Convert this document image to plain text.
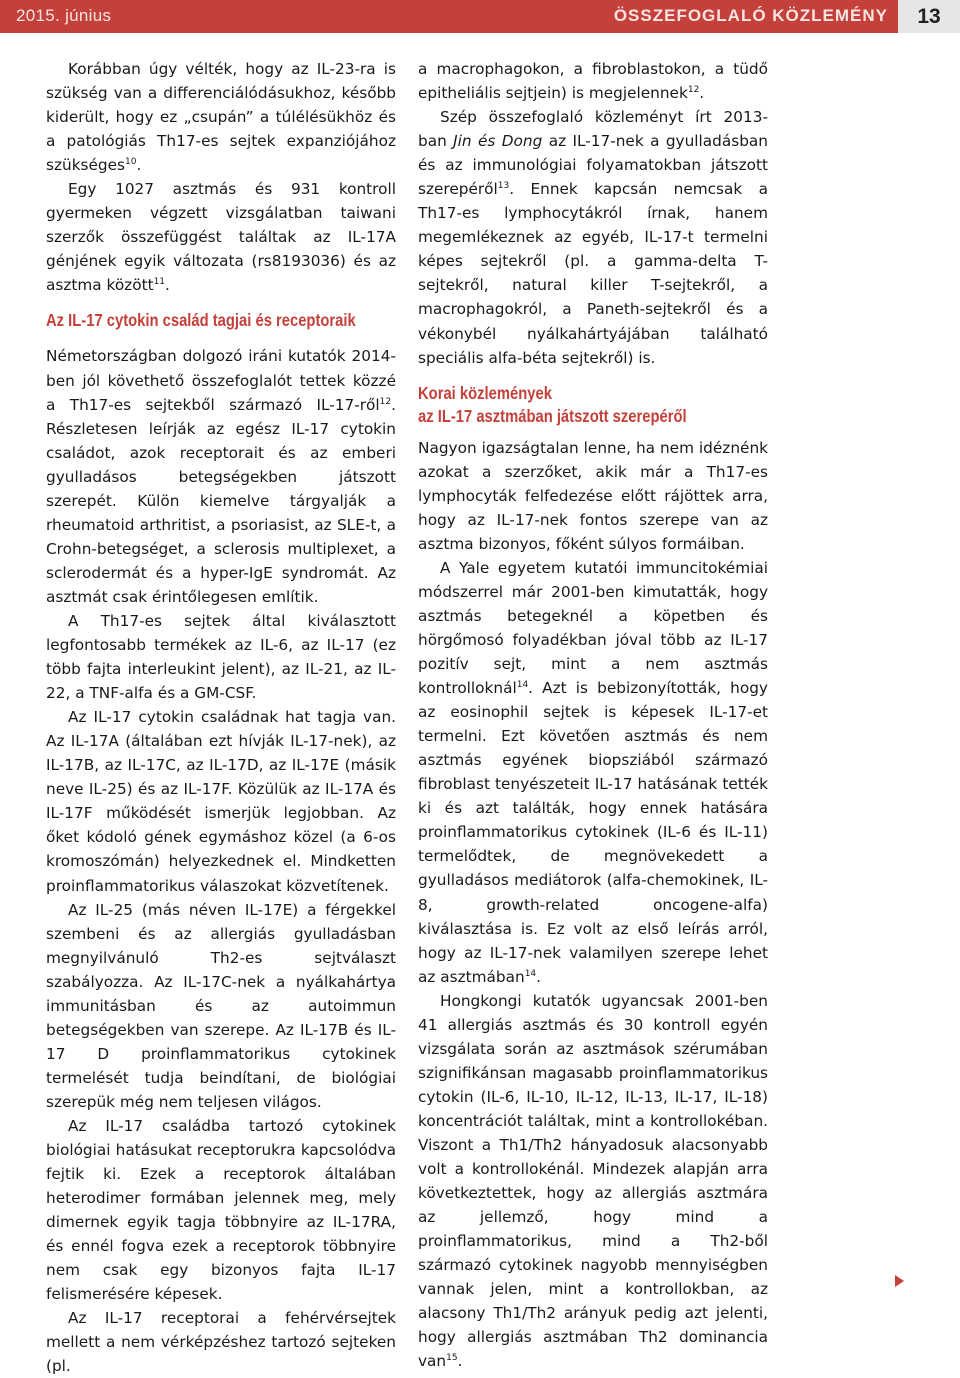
2015. június	ÖSSZEFOGLALÓ KÖZLEMÉNY	13

Korábban úgy vélték, hogy az IL-23-ra is szükség van a differenciálódásukhoz, később kiderült, hogy ez „csupán” a túlélésükhöz és a patológiás Th17-es sejtek expanziójához szükséges$^{10}$.

Egy 1027 asztmás és 931 kontroll gyermeken végzett vizsgálatban taiwani szerzők összefüggést találtak az IL-17A génjének egyik változata (rs8193036) és az asztma között$^{11}$.

Az IL-17 cytokin család tagjai és receptoraik

Németországban dolgozó iráni kutatók 2014-ben jól követhető összefoglalót tettek közzé a Th17-es sejtekből származó IL-17-ről$^{12}$. Részletesen leírják az egész IL-17 cytokin családot, azok receptorait és az emberi gyulladásos betegségekben játszott szerepét. Külön kiemelve tárgyalják a rheumatoid arthritist, a psoriasist, az SLE-t, a Crohn-betegséget, a sclerosis multiplexet, a sclerodermát és a hyper-IgE syndromát. Az asztmát csak érintőlegesen említik.

A Th17-es sejtek által kiválasztott legfontosabb termékek az IL-6, az IL-17 (ez több fajta interleukint jelent), az IL-21, az IL-22, a TNF-alfa és a GM-CSF.

Az IL-17 cytokin családnak hat tagja van. Az IL-17A (általában ezt hívják IL-17-nek), az IL-17B, az IL-17C, az IL-17D, az IL-17E (másik neve IL-25) és az IL-17F. Közülük az IL-17A és IL-17F működését ismerjük legjobban. Az őket kódoló gének egymáshoz közel (a 6-os kromoszómán) helyezkednek el. Mindketten proinflammatorikus válaszokat közvetítenek.

Az IL-25 (más néven IL-17E) a férgekkel szembeni és az allergiás gyulladásban megnyilvánuló Th2-es sejtválaszt szabályozza. Az IL-17C-nek a nyálkahártya immunitásban és az autoimmun betegségekben van szerepe. Az IL-17B és IL-17 D proinflammatorikus cytokinek termelését tudja beindítani, de biológiai szerepük még nem teljesen világos.

Az IL-17 családba tartozó cytokinek biológiai hatásukat receptorukra kapcsolódva fejtik ki. Ezek a receptorok általában heterodimer formában jelennek meg, mely dimernek egyik tagja többnyire az IL-17RA, és ennél fogva ezek a receptorok többnyire nem csak egy bizonyos fajta IL-17 felismerésére képesek.

Az IL-17 receptorai a fehérvérsejtek mellett a nem vérképzéshez tartozó sejteken (pl.

a macrophagokon, a fibroblastokon, a tüdő epitheliális sejtjein) is megjelennek$^{12}$.

Szép összefoglaló közleményt írt 2013-ban Jin és Dong az IL-17-nek a gyulladásban és az immunológiai folyamatokban játszott szerepéről$^{13}$. Ennek kapcsán nemcsak a Th17-es lymphocytákról írnak, hanem megemlékeznek az egyéb, IL-17-t termelni képes sejtekről (pl. a gamma-delta T-sejtekről, natural killer T-sejtekről, a macrophagokról, a Paneth-sejtekről és a vékonybél nyálkahártyájában található speciális alfa-béta sejtekről) is.

Korai közlemények
az IL-17 asztmában játszott szerepéről

Nagyon igazságtalan lenne, ha nem idéznénk azokat a szerzőket, akik már a Th17-es lymphocyták felfedezése előtt rájöttek arra, hogy az IL-17-nek fontos szerepe van az asztma bizonyos, főként súlyos formáiban.

A Yale egyetem kutatói immuncitokémiai módszerrel már 2001-ben kimutatták, hogy asztmás betegeknél a köpetben és hörgőmosó folyadékban jóval több az IL-17 pozitív sejt, mint a nem asztmás kontrolloknál$^{14}$. Azt is bebizonyították, hogy az eosinophil sejtek is képesek IL-17-et termelni. Ezt követően asztmás és nem asztmás egyének biopsziából származó fibroblast tenyészeteit IL-17 hatásának tették ki és azt találták, hogy ennek hatására proinflammatorikus cytokinek (IL-6 és IL-11) termelődtek, de megnövekedett a gyulladásos mediátorok (alfa-chemokinek, IL-8, growth-related oncogene-alfa) kiválasztása is. Ez volt az első leírás arról, hogy az IL-17-nek valamilyen szerepe lehet az asztmában$^{14}$.

Hongkongi kutatók ugyancsak 2001-ben 41 allergiás asztmás és 30 kontroll egyén vizsgálata során az asztmások szérumában szignifikánsan magasabb proinflammatorikus cytokin (IL-6, IL-10, IL-12, IL-13, IL-17, IL-18) koncentrációt találtak, mint a kontrollokéban. Viszont a Th1/Th2 hányadosuk alacsonyabb volt a kontrollokénál. Mindezek alapján arra következtettek, hogy az allergiás asztmára az jellemző, hogy mind a proinflammatorikus, mind a Th2-ből származó cytokinek nagyobb mennyiségben vannak jelen, mint a kontrollokban, az alacsony Th1/Th2 arányuk pedig azt jelenti, hogy allergiás asztmában Th2 dominancia van$^{15}$.
